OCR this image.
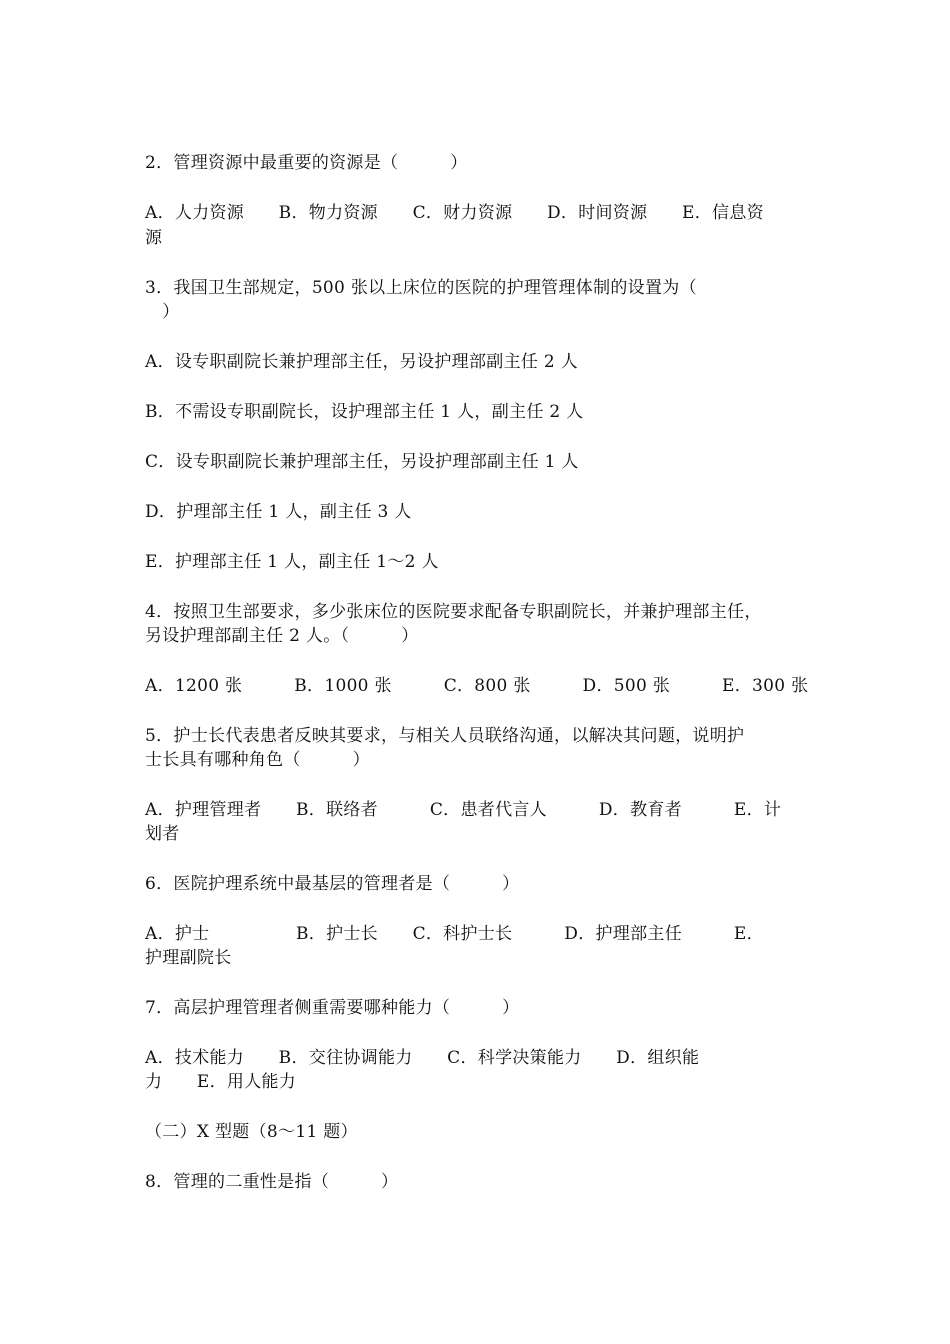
2．管理资源中最重要的资源是（　　　）
A．人力资源　　B．物力资源　　C．财力资源　　D．时间资源　　E．信息资
源
3．我国卫生部规定，500 张以上床位的医院的护理管理体制的设置为（
　）
A．设专职副院长兼护理部主任，另设护理部副主任 2 人
B．不需设专职副院长，设护理部主任 1 人，副主任 2 人
C．设专职副院长兼护理部主任，另设护理部副主任 1 人
D．护理部主任 1 人，副主任 3 人
E．护理部主任 1 人，副主任 1～2 人
4．按照卫生部要求，多少张床位的医院要求配备专职副院长，并兼护理部主任，
另设护理部副主任 2 人。（　　　）
A．1200 张　　　B．1000 张　　　C．800 张　　　D．500 张　　　E．300 张
5．护士长代表患者反映其要求，与相关人员联络沟通，以解决其问题，说明护
士长具有哪种角色（　　　）
A．护理管理者　　B．联络者　　　C．患者代言人　　　D．教育者　　　E．计
划者
6．医院护理系统中最基层的管理者是（　　　）
A．护士　　　　　B．护士长　　C．科护士长　　　D．护理部主任　　　E．
护理副院长
7．高层护理管理者侧重需要哪种能力（　　　）
A．技术能力　　B．交往协调能力　　C．科学决策能力　　D．组织能
力　　E．用人能力
（二）X 型题（8～11 题）
8．管理的二重性是指（　　　）
